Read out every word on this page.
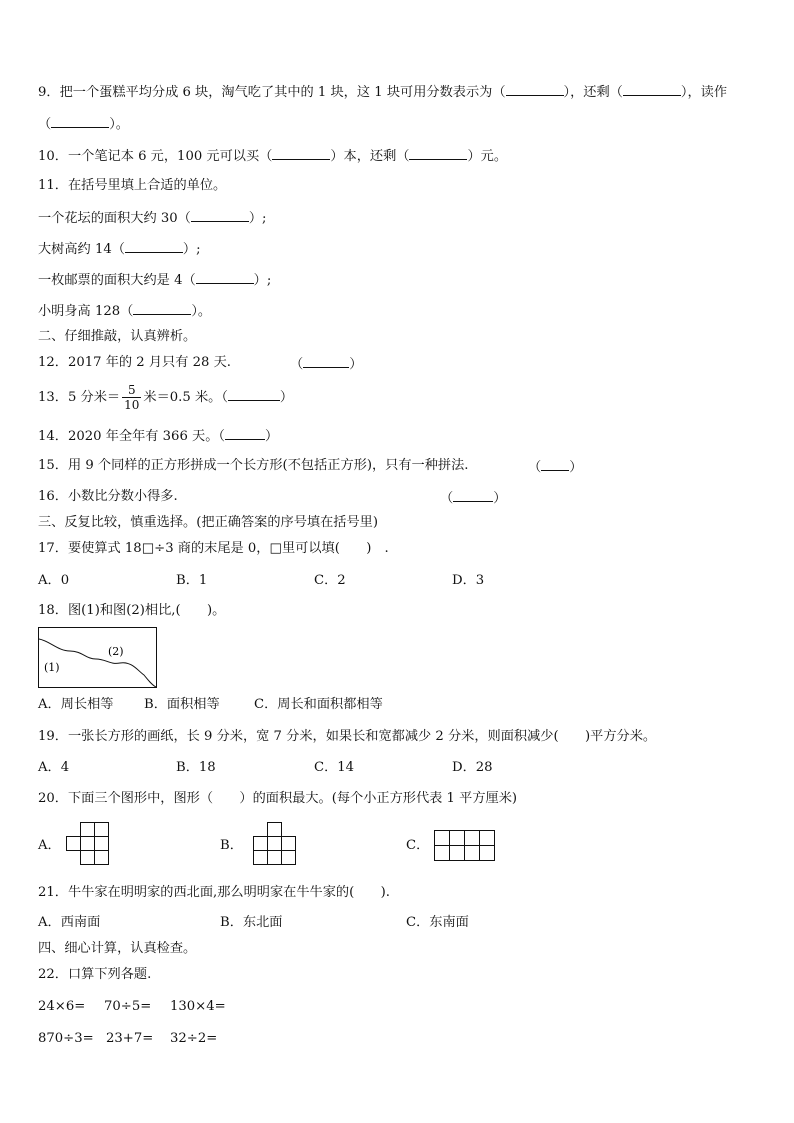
9．把一个蛋糕平均分成 6 块，淘气吃了其中的 1 块，这 1 块可用分数表示为（	），还剩（	），读作
（	）。
10．一个笔记本 6 元，100 元可以买（	）本，还剩（	）元。
11．在括号里填上合适的单位。
一个花坛的面积大约 30（	）;
大树高约 14（	）;
一枚邮票的面积大约是 4（	）;
小明身高 128（	）。
二、仔细推敲，认真辨析。
12．2017 年的 2 月只有 28 天.	（	）
13．5 分米＝ $\frac{5}{10}$ 米＝0.5 米。（	）
14．2020 年全年有 366 天。（	）
15．用 9 个同样的正方形拼成一个长方形(不包括正方形)，只有一种拼法.	（ ）
16．小数比分数小得多.	（	）
三、反复比较，慎重选择。(把正确答案的序号填在括号里)
17．要使算式 18□÷3 商的末尾是 0，□里可以填(　　)　.
A．0	B．1	C．2	D．3
18．图(1)和图(2)相比,(　　)。
(1)
(2)
A．周长相等 B．面积相等	C．周长和面积都相等
19．一张长方形的画纸，长 9 分米，宽 7 分米，如果长和宽都减少 2 分米，则面积减少(　　)平方分米。
A．4	B．18	C．14	D．28
20．下面三个图形中，图形（　　）的面积最大。(每个小正方形代表 1 平方厘米)
A．	B．	C．
21．牛牛家在明明家的西北面,那么明明家在牛牛家的(　　).
A．西南面	B．东北面	C．东南面
四、细心计算，认真检查。
22．口算下列各题.
24×6= 70÷5= 130×4=
870÷3= 23+7= 32÷2=
